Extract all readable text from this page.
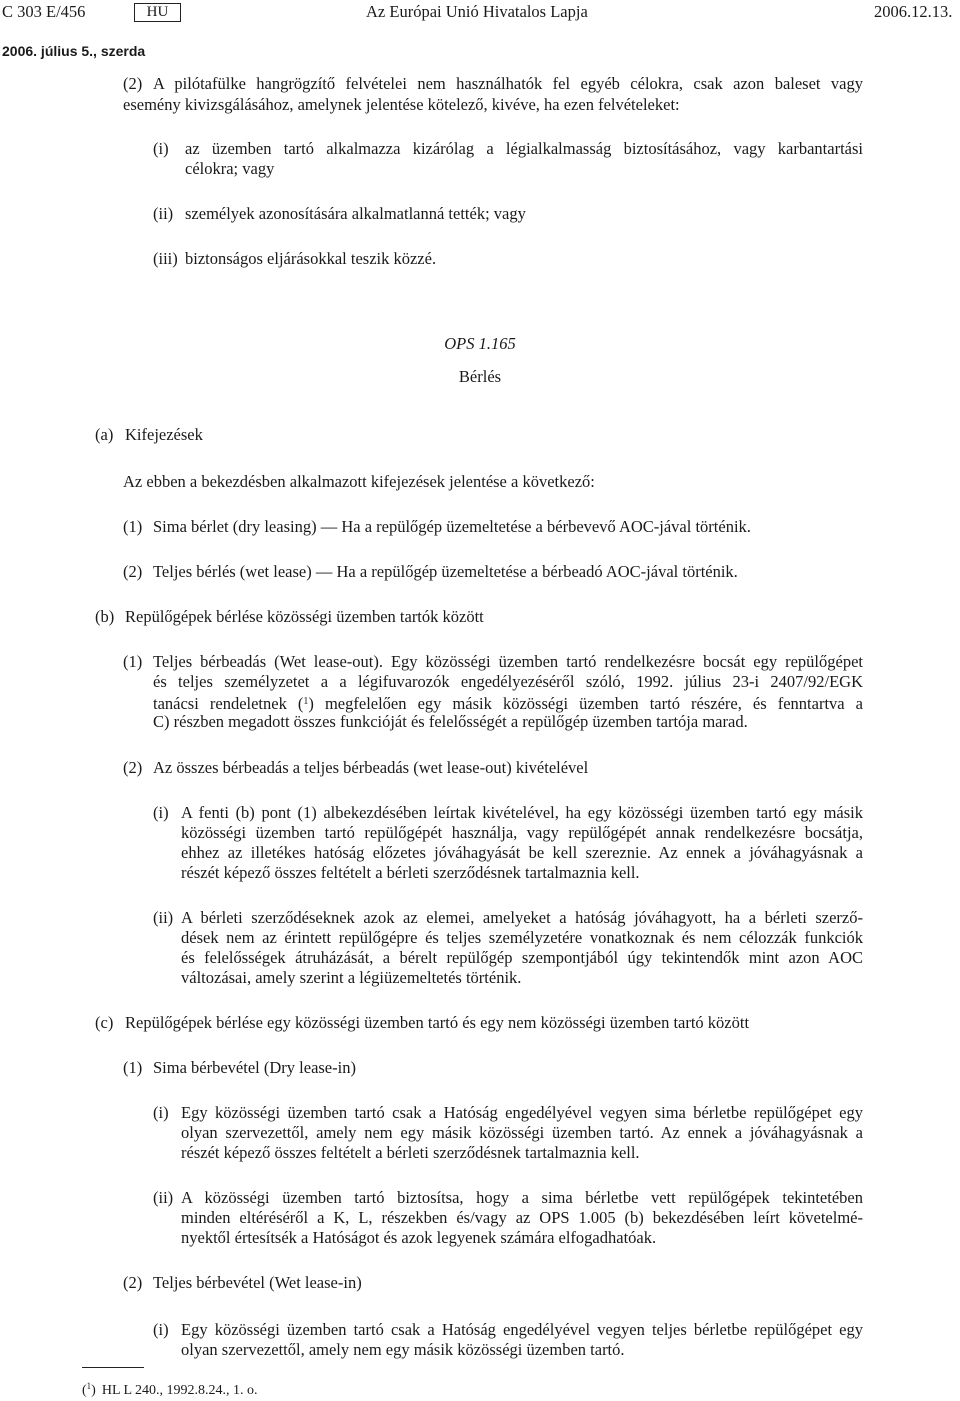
C 303 E/456	HU	Az Európai Unió Hivatalos Lapja	2006.12.13.
2006. július 5., szerda
(2) A pilótafülke hangrögzítő felvételei nem használhatók fel egyéb célokra, csak azon baleset vagy
esemény kivizsgálásához, amelynek jelentése kötelező, kivéve, ha ezen felvételeket:
(i) az üzemben tartó alkalmazza kizárólag a légialkalmasság biztosításához, vagy karbantartási
célokra; vagy
(ii) személyek azonosítására alkalmatlanná tették; vagy
(iii) biztonságos eljárásokkal teszik közzé.
OPS 1.165
Bérlés
(a) Kifejezések
Az ebben a bekezdésben alkalmazott kifejezések jelentése a következő:
(1) Sima bérlet (dry leasing) — Ha a repülőgép üzemeltetése a bérbevevő AOC-jával történik.
(2) Teljes bérlés (wet lease) — Ha a repülőgép üzemeltetése a bérbeadó AOC-jával történik.
(b) Repülőgépek bérlése közösségi üzemben tartók között
(1) Teljes bérbeadás (Wet lease-out). Egy közösségi üzemben tartó rendelkezésre bocsát egy repülőgépet
és teljes személyzetet a a légifuvarozók engedélyezéséről szóló, 1992. július 23-i 2407/92/EGK
tanácsi rendeletnek ($^1$) megfelelően egy másik közösségi üzemben tartó részére, és fenntartva a
C) részben megadott összes funkcióját és felelősségét a repülőgép üzemben tartója marad.
(2) Az összes bérbeadás a teljes bérbeadás (wet lease-out) kivételével
(i) A fenti (b) pont (1) albekezdésében leírtak kivételével, ha egy közösségi üzemben tartó egy másik
közösségi üzemben tartó repülőgépét használja, vagy repülőgépét annak rendelkezésre bocsátja,
ehhez az illetékes hatóság előzetes jóváhagyását be kell szereznie. Az ennek a jóváhagyásnak a
részét képező összes feltételt a bérleti szerződésnek tartalmaznia kell.
(ii) A bérleti szerződéseknek azok az elemei, amelyeket a hatóság jóváhagyott, ha a bérleti szerző-
dések nem az érintett repülőgépre és teljes személyzetére vonatkoznak és nem célozzák funkciók
és felelősségek átruházását, a bérelt repülőgép szempontjából úgy tekintendők mint azon AOC
változásai, amely szerint a légiüzemeltetés történik.
(c) Repülőgépek bérlése egy közösségi üzemben tartó és egy nem közösségi üzemben tartó között
(1) Sima bérbevétel (Dry lease-in)
(i) Egy közösségi üzemben tartó csak a Hatóság engedélyével vegyen sima bérletbe repülőgépet egy
olyan szervezettől, amely nem egy másik közösségi üzemben tartó. Az ennek a jóváhagyásnak a
részét képező összes feltételt a bérleti szerződésnek tartalmaznia kell.
(ii) A közösségi üzemben tartó biztosítsa, hogy a sima bérletbe vett repülőgépek tekintetében
minden eltéréséről a K, L, részekben és/vagy az OPS 1.005 (b) bekezdésében leírt követelmé-
nyektől értesítsék a Hatóságot és azok legyenek számára elfogadhatóak.
(2) Teljes bérbevétel (Wet lease-in)
(i) Egy közösségi üzemben tartó csak a Hatóság engedélyével vegyen teljes bérletbe repülőgépet egy
olyan szervezettől, amely nem egy másik közösségi üzemben tartó.
($^1$) HL L 240., 1992.8.24., 1. o.
